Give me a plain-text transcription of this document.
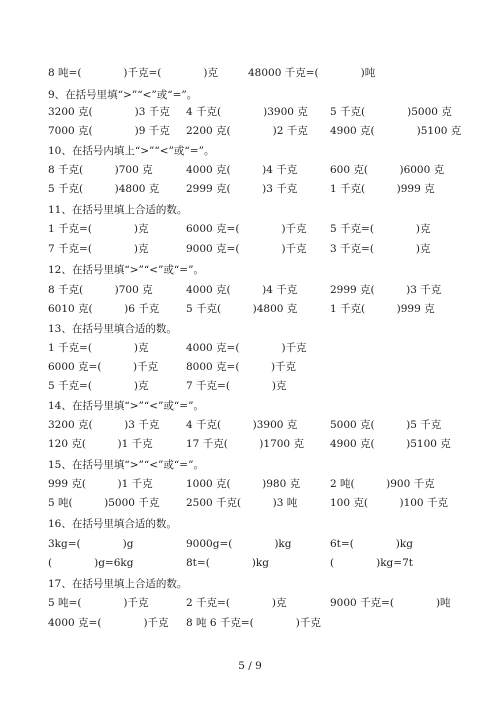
8 吨=(　　　　)千克=(　　　　)克	48000 千克=(　　　　)吨
9、在括号里填“>”“<”或“=”。
3200 克(　　　　)3 千克 4 千克(　　　　)3900 克 5 千克(　　　　)5000 克
7000 克(　　　　)9 千克 2200 克(　　　　)2 千克 4900 克(　　　　)5100 克
10、在括号内填上“>”“<”或“=”。
8 千克(　　　)700 克	4000 克(　　　)4 千克	600 克(　　　)6000 克
5 千克(　　　)4800 克	2999 克(　　　)3 千克	1 千克(　　　)999 克
11、在括号里填上合适的数。
1 千克=(　　　　)克	6000 克=(　　　　)千克 5 千克=(　　　　)克
7 千克=(　　　　)克	9000 克=(　　　　)千克 3 千克=(　　　　)克
12、在括号里填“>”“<”或“=”。
8 千克(　　　)700 克	4000 克(　　　)4 千克	2999 克(　　　)3 千克
6010 克(　　　)6 千克	5 千克(　　　)4800 克	1 千克(　　　)999 克
13、在括号里填合适的数。
1 千克=(　　　　)克	4000 克=(　　　　)千克
6000 克=(　　　)千克	8000 克=(　　　)千克
5 千克=(　　　　)克	7 千克=(　　　　)克
14、在括号里填“>”“<”或“=”。
3200 克(　　　)3 千克	4 千克(　　　)3900 克	5000 克(　　　)5 千克
120 克(　　　)1 千克	17 千克(　　　)1700 克 4900 克(　　　)5100 克
15、在括号里填“>”“<”或“=”。
999 克(　　　)1 千克	1000 克(　　　)980 克	2 吨(　　　)900 千克
5 吨(　　　)5000 千克	2500 千克(　　　)3 吨	100 克(　　　)100 千克
16、在括号里填合适的数。
3kg=(　　　　)g	9000g=(　　　　)kg	6t=(　　　　)kg
(　　　　)g=6kg	8t=(　　　　)kg	(　　　　)kg=7t
17、在括号里填上合适的数。
5 吨=(　　　　)千克	2 千克=(　　　　)克	9000 千克=(　　　　)吨
4000 克=(　　　　)千克 8 吨 6 千克=(　　　　)千克
5 / 9
